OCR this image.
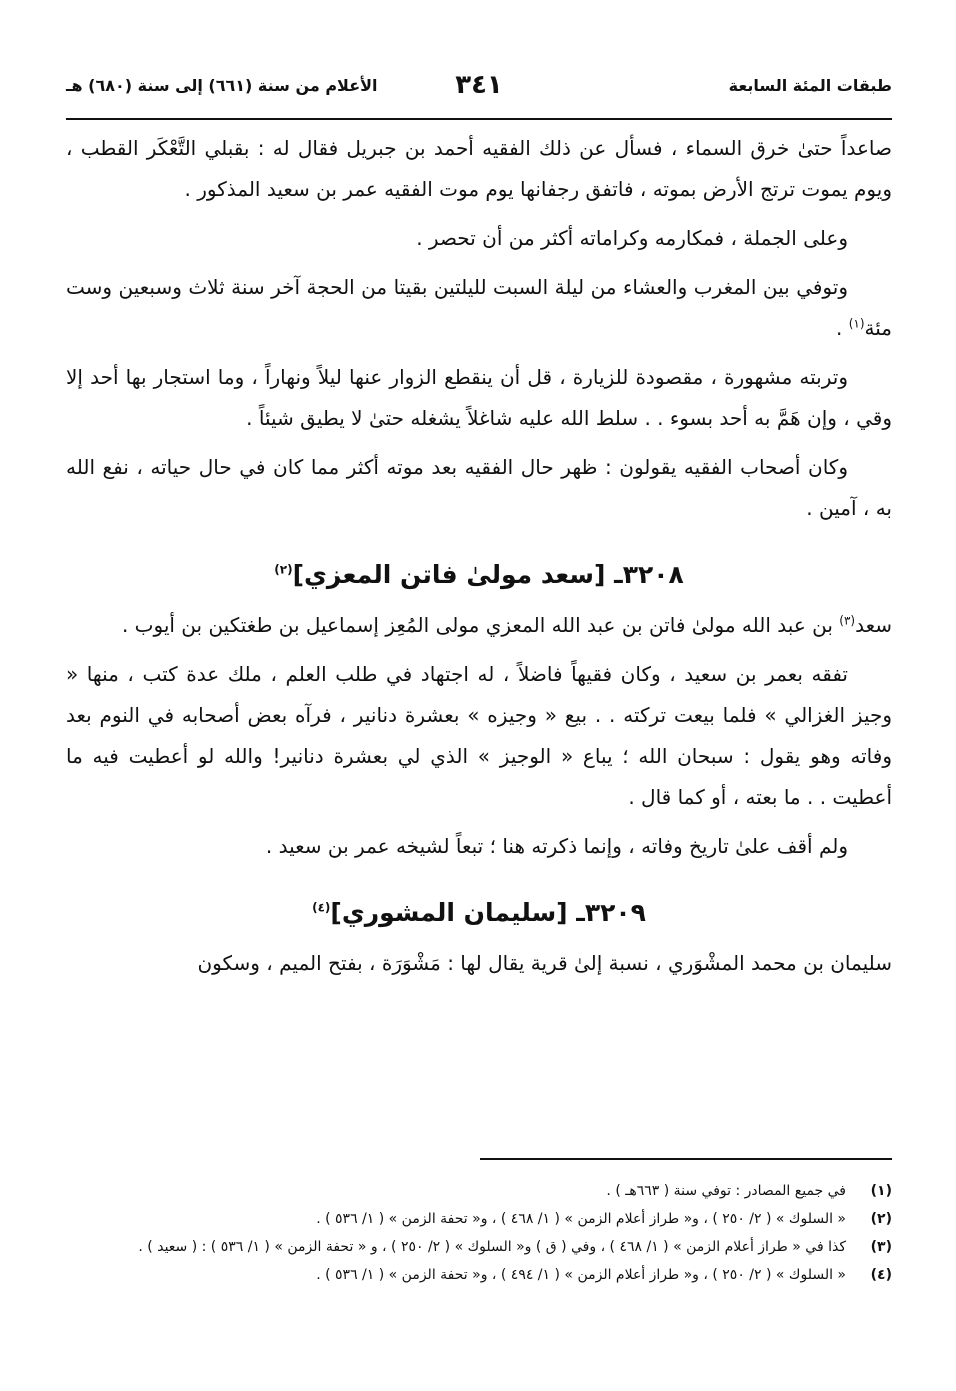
طبقات المئة السابعة
٣٤١
الأعلام من سنة (٦٦١) إلى سنة (٦٨٠) هـ

صاعداً حتىٰ خرق السماء ، فسأل عن ذلك الفقيه أحمد بن جبريل فقال له : بقبلي التَّعْكَر القطب ، ويوم يموت ترتج الأرض بموته ، فاتفق رجفانها يوم موت الفقيه عمر بن سعيد المذكور .

وعلى الجملة ، فمكارمه وكراماته أكثر من أن تحصر .

وتوفي بين المغرب والعشاء من ليلة السبت لليلتين بقيتا من الحجة آخر سنة ثلاث وسبعين وست مئة$^{(١)}$ .

وتربته مشهورة ، مقصودة للزيارة ، قل أن ينقطع الزوار عنها ليلاً ونهاراً ، وما استجار بها أحد إلا وقي ، وإن هَمَّ به أحد بسوء . . سلط الله عليه شاغلاً يشغله حتىٰ لا يطيق شيئاً .

وكان أصحاب الفقيه يقولون : ظهر حال الفقيه بعد موته أكثر مما كان في حال حياته ، نفع الله به ، آمين .

٣٢٠٨ـ [سعد مولىٰ فاتن المعزي]$^{(٢)}$

سعد$^{(٣)}$ بن عبد الله مولىٰ فاتن بن عبد الله المعزي مولى المُعِز إسماعيل بن طغتكين بن أيوب .

تفقه بعمر بن سعيد ، وكان فقيهاً فاضلاً ، له اجتهاد في طلب العلم ، ملك عدة كتب ، منها « وجيز الغزالي » فلما بيعت تركته . . بيع « وجيزه » بعشرة دنانير ، فرآه بعض أصحابه في النوم بعد وفاته وهو يقول : سبحان الله ؛ يباع « الوجيز » الذي لي بعشرة دنانير! والله لو أعطيت فيه ما أعطيت . . ما بعته ، أو كما قال .

ولم أقف علىٰ تاريخ وفاته ، وإنما ذكرته هنا ؛ تبعاً لشيخه عمر بن سعيد .

٣٢٠٩ـ [سليمان المشوري]$^{(٤)}$

سليمان بن محمد المشْوَري ، نسبة إلىٰ قرية يقال لها : مَشْوَرَة ، بفتح الميم ، وسكون

(١)
في جميع المصادر : توفي سنة ( ٦٦٣هـ ) .
(٢)
« السلوك » ( ٢/ ٢٥٠ ) ، و« طراز أعلام الزمن » ( ١/ ٤٦٨ ) ، و« تحفة الزمن » ( ١/ ٥٣٦ ) .
(٣)
كذا في « طراز أعلام الزمن » ( ١/ ٤٦٨ ) ، وفي ( ق ) و« السلوك » ( ٢/ ٢٥٠ ) ، و « تحفة الزمن » ( ١/ ٥٣٦ ) : ( سعيد ) .
(٤)
« السلوك » ( ٢/ ٢٥٠ ) ، و« طراز أعلام الزمن » ( ١/ ٤٩٤ ) ، و« تحفة الزمن » ( ١/ ٥٣٦ ) .
